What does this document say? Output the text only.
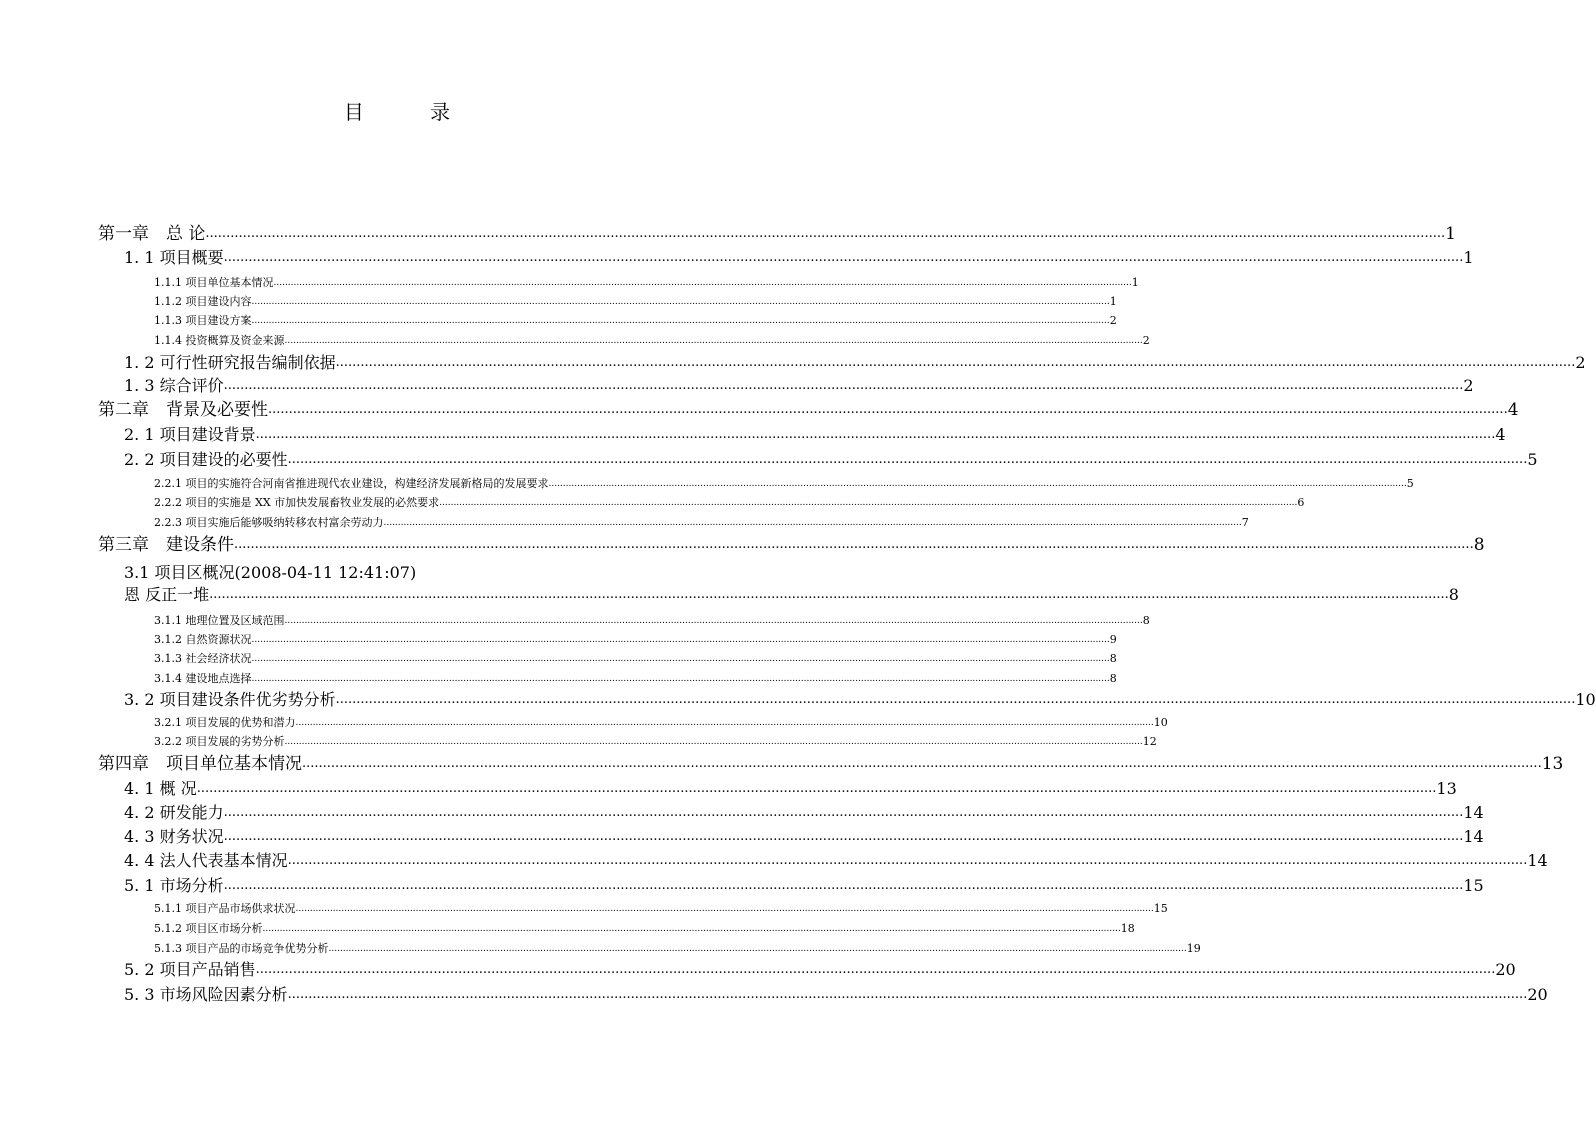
目 录
第一章　总 论 ............................................................................................................................................................................................................................................................................................................ 1
1. 1 项目概要 ............................................................................................................................................................................................................................................................................................................ 1
1.1.1 项目单位基本情况 ............................................................................................................................................................................................................................................................................................................ 1
1.1.2 项目建设内容 ............................................................................................................................................................................................................................................................................................................ 1
1.1.3 项目建设方案 ............................................................................................................................................................................................................................................................................................................ 2
1.1.4 投资概算及资金来源 ............................................................................................................................................................................................................................................................................................................ 2
1. 2 可行性研究报告编制依据 ............................................................................................................................................................................................................................................................................................................ 2
1. 3 综合评价 ............................................................................................................................................................................................................................................................................................................ 2
第二章　背景及必要性 ............................................................................................................................................................................................................................................................................................................ 4
2. 1 项目建设背景 ............................................................................................................................................................................................................................................................................................................ 4
2. 2 项目建设的必要性 ............................................................................................................................................................................................................................................................................................................ 5
2.2.1 项目的实施符合河南省推进现代农业建设，构建经济发展新格局的发展要求 ............................................................................................................................................................................................................................................................................................................ 5
2.2.2 项目的实施是 XX 市加快发展畜牧业发展的必然要求 ............................................................................................................................................................................................................................................................................................................ 6
2.2.3 项目实施后能够吸纳转移农村富余劳动力 ............................................................................................................................................................................................................................................................................................................ 7
第三章　建设条件 ............................................................................................................................................................................................................................................................................................................ 8
3.1 项目区概况(2008-04-11 12:41:07)
恩 反正一堆 ............................................................................................................................................................................................................................................................................................................ 8
3.1.1 地理位置及区域范围 ............................................................................................................................................................................................................................................................................................................ 8
3.1.2 自然资源状况 ............................................................................................................................................................................................................................................................................................................ 9
3.1.3 社会经济状况 ............................................................................................................................................................................................................................................................................................................ 8
3.1.4 建设地点选择 ............................................................................................................................................................................................................................................................................................................ 8
3. 2 项目建设条件优劣势分析 ............................................................................................................................................................................................................................................................................................................ 10
3.2.1 项目发展的优势和潜力 ............................................................................................................................................................................................................................................................................................................ 10
3.2.2 项目发展的劣势分析 ............................................................................................................................................................................................................................................................................................................ 12
第四章　项目单位基本情况 ............................................................................................................................................................................................................................................................................................................ 13
4. 1 概 况 ............................................................................................................................................................................................................................................................................................................ 13
4. 2 研发能力 ............................................................................................................................................................................................................................................................................................................ 14
4. 3 财务状况 ............................................................................................................................................................................................................................................................................................................ 14
4. 4 法人代表基本情况 ............................................................................................................................................................................................................................................................................................................ 14
5. 1 市场分析 ............................................................................................................................................................................................................................................................................................................ 15
5.1.1 项目产品市场供求状况 ............................................................................................................................................................................................................................................................................................................ 15
5.1.2 项目区市场分析 ............................................................................................................................................................................................................................................................................................................ 18
5.1.3 项目产品的市场竞争优势分析 ............................................................................................................................................................................................................................................................................................................ 19
5. 2 项目产品销售 ............................................................................................................................................................................................................................................................................................................ 20
5. 3 市场风险因素分析 ............................................................................................................................................................................................................................................................................................................ 20
